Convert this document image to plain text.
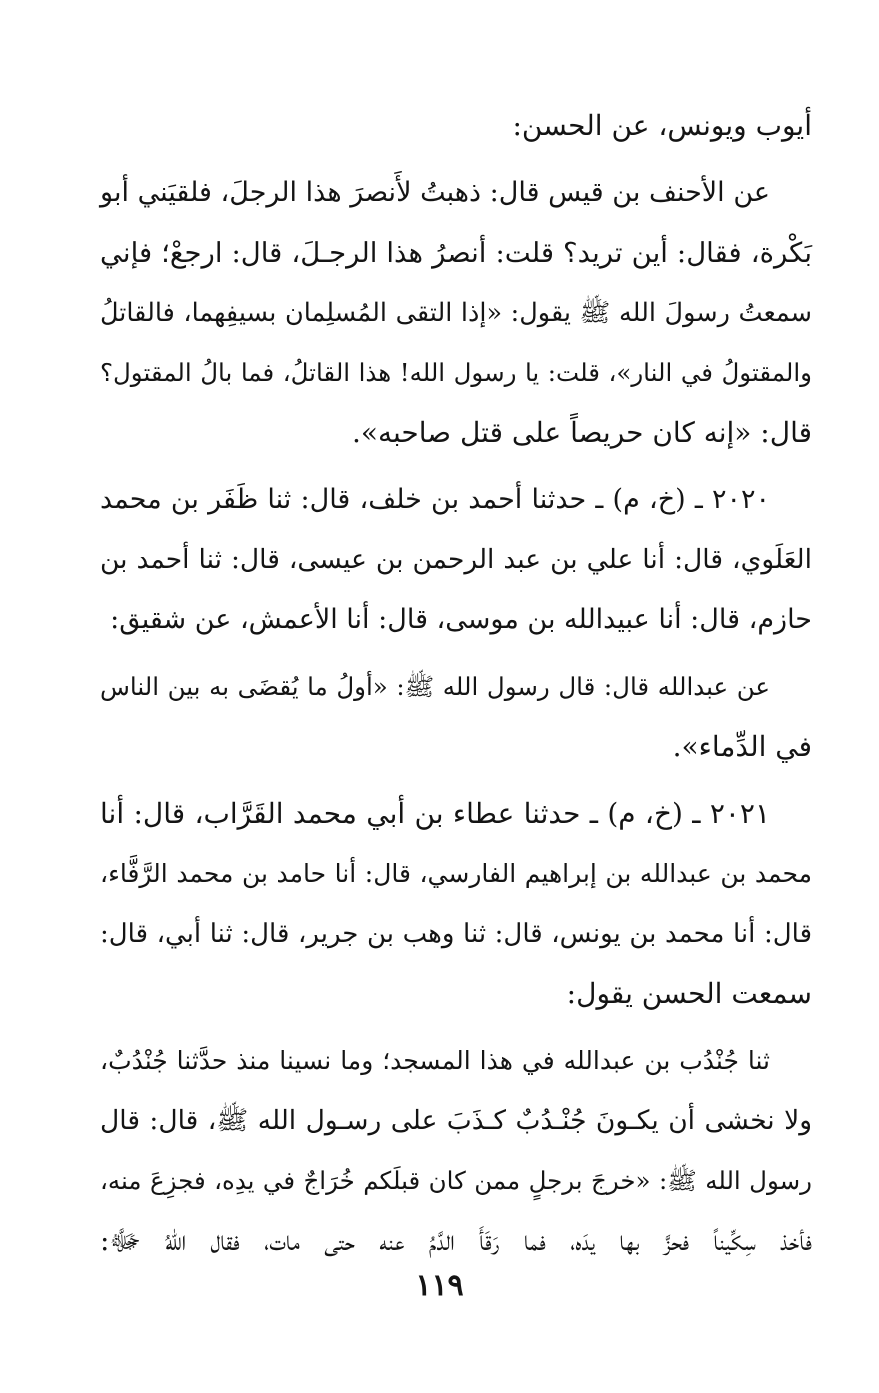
أيوب ويونس، عن الحسن:
عن الأحنف بن قيس قال: ذهبتُ لأَنصرَ هذا الرجلَ، فلقيَني أبو
بَكْرة، فقال: أين تريد؟ قلت: أنصرُ هذا الرجـلَ، قال: ارجعْ؛ فإني
سمعتُ رسولَ الله ﷺ يقول: «إذا التقى المُسلِمان بسيفِهما، فالقاتلُ
والمقتولُ في النار»، قلت: يا رسول الله! هذا القاتلُ، فما بالُ المقتول؟
قال: «إنه كان حريصاً على قتل صاحبه».
٢٠٢٠ ـ (خ، م) ـ حدثنا أحمد بن خلف، قال: ثنا ظَفَر بن محمد
العَلَوي، قال: أنا علي بن عبد الرحمن بن عيسى، قال: ثنا أحمد بن
حازم، قال: أنا عبيدالله بن موسى، قال: أنا الأعمش، عن شقيق:
عن عبدالله قال: قال رسول الله ﷺ: «أولُ ما يُقضَى به بين الناس
في الدِّماء».
٢٠٢١ ـ (خ، م) ـ حدثنا عطاء بن أبي محمد القَرَّاب، قال: أنا
محمد بن عبدالله بن إبراهيم الفارسي، قال: أنا حامد بن محمد الرَّفَّاء،
قال: أنا محمد بن يونس، قال: ثنا وهب بن جرير، قال: ثنا أبي، قال:
سمعت الحسن يقول:
ثنا جُنْدُب بن عبدالله في هذا المسجد؛ وما نسينا منذ حدَّثنا جُنْدُبٌ،
ولا نخشى أن يكـونَ جُنْـدُبٌ كـذَبَ على رسـول الله ﷺ، قال: قال
رسول الله ﷺ: «خرجَ برجلٍ ممن كان قبلَكم خُرَاجٌ في يدِه، فجزِعَ منه،
فأخذ سِكِّيناً فحزَّ بها يدَه، فما رَقَأَ الدَّمُ عنه حتى مات، فقال اللهُ ﷻ:
١١٩
